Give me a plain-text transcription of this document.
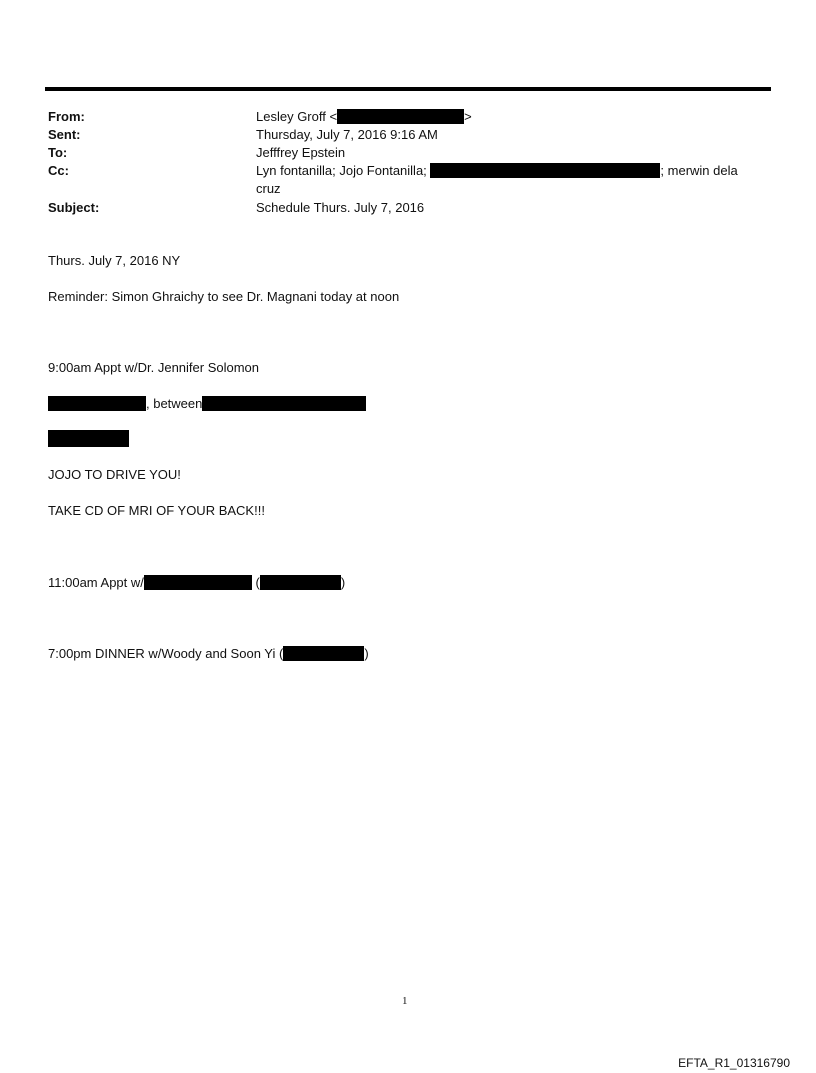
From:	Lesley Groff <	>
Sent:	Thursday, July 7, 2016 9:16 AM
To:	Jefffrey Epstein
Cc:	Lyn fontanilla; Jojo Fontanilla;	; merwin dela
cruz
Subject:	Schedule Thurs. July 7, 2016
Thurs. July 7, 2016 NY
Reminder: Simon Ghraichy to see Dr. Magnani today at noon
9:00am Appt w/Dr. Jennifer Solomon
, between
JOJO TO DRIVE YOU!
TAKE CD OF MRI OF YOUR BACK!!!
11:00am Appt w/	(	)
7:00pm DINNER w/Woody and Soon Yi (	)
1
EFTA_R1_01316790
